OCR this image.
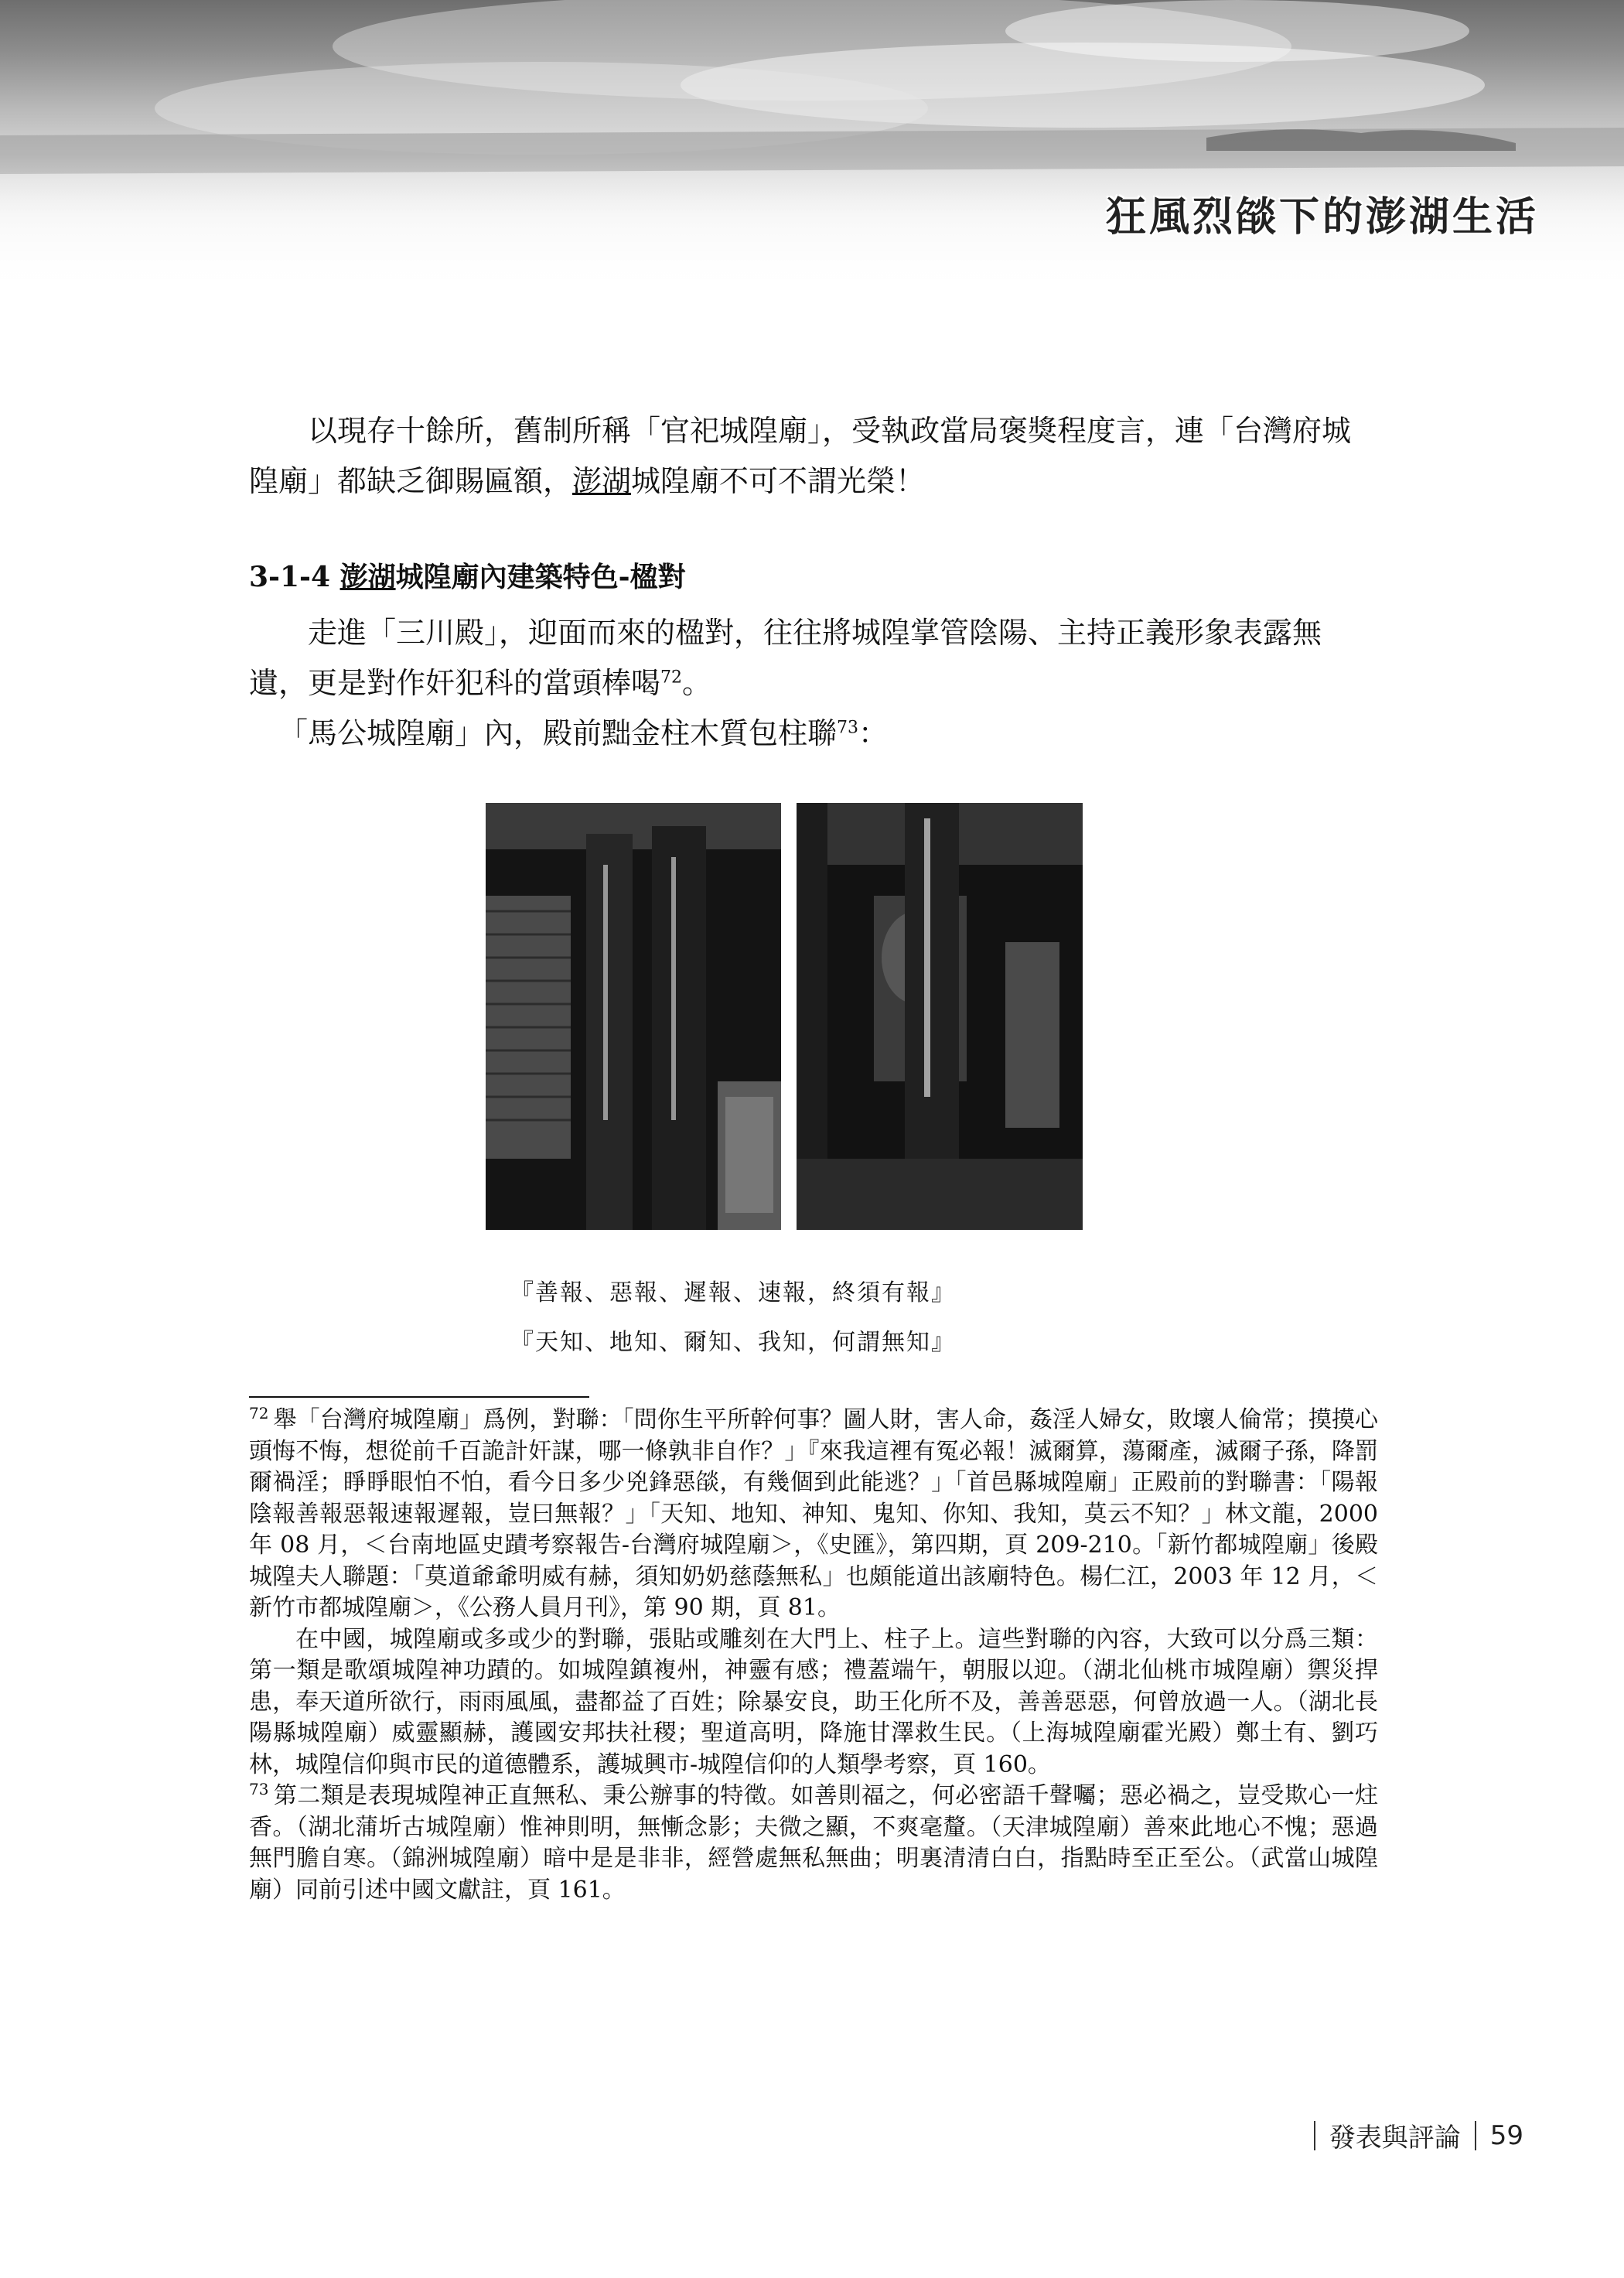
狂風烈燄下的澎湖生活

以現存十餘所，舊制所稱「官祀城隍廟」，受執政當局褒獎程度言，連「台灣府城隍廟」都缺乏御賜匾額，澎湖城隍廟不可不謂光榮！

3-1-4 澎湖城隍廟內建築特色-楹對

走進「三川殿」，迎面而來的楹對，往往將城隍掌管陰陽、主持正義形象表露無遺，更是對作奸犯科的當頭棒喝$^{72}$。

「馬公城隍廟」內，殿前黜金柱木質包柱聯$^{73}$：

『善報、惡報、遲報、速報，終須有報』

『天知、地知、爾知、我知，何謂無知』

$^{72}$ 舉「台灣府城隍廟」爲例，對聯：「問你生平所幹何事？圖人財，害人命，姦淫人婦女，敗壞人倫常；摸摸心頭悔不悔，想從前千百詭計奸謀，哪一條孰非自作？」『來我這裡有冤必報！滅爾算，蕩爾產，滅爾子孫，降罰爾禍淫；睜睜眼怕不怕，看今日多少兇鋒惡燄，有幾個到此能逃？」「首邑縣城隍廟」正殿前的對聯書：「陽報陰報善報惡報速報遲報，豈曰無報？」「天知、地知、神知、鬼知、你知、我知，莫云不知？」林文龍，2000 年 08 月，＜台南地區史蹟考察報告-台灣府城隍廟＞，《史匯》，第四期，頁 209-210。「新竹都城隍廟」後殿城隍夫人聯題：「莫道爺爺明威有赫，須知奶奶慈蔭無私」也頗能道出該廟特色。楊仁江，2003 年 12 月，＜新竹市都城隍廟＞，《公務人員月刊》，第 90 期，頁 81。

在中國，城隍廟或多或少的對聯，張貼或雕刻在大門上、柱子上。這些對聯的內容，大致可以分爲三類：第一類是歌頌城隍神功蹟的。如城隍鎮複州，神靈有感；禮蓋端午，朝服以迎。（湖北仙桃市城隍廟）禦災捍患，奉天道所欲行，雨雨風風，盡都益了百姓；除暴安良，助王化所不及，善善惡惡，何曾放過一人。（湖北長陽縣城隍廟）威靈顯赫，護國安邦扶社稷；聖道高明，降施甘澤救生民。（上海城隍廟霍光殿）鄭土有、劉巧林，城隍信仰與市民的道德體系，護城興市-城隍信仰的人類學考察，頁 160。

$^{73}$ 第二類是表現城隍神正直無私、秉公辦事的特徵。如善則福之，何必密語千聲囑；惡必禍之，豈受欺心一炷香。（湖北蒲圻古城隍廟）惟神則明，無慚念影；夫微之顯，不爽毫釐。（天津城隍廟）善來此地心不愧；惡過無門膽自寒。（錦洲城隍廟）暗中是是非非，經營處無私無曲；明裏清清白白，指點時至正至公。（武當山城隍廟）同前引述中國文獻註，頁 161。

發表與評論 59
